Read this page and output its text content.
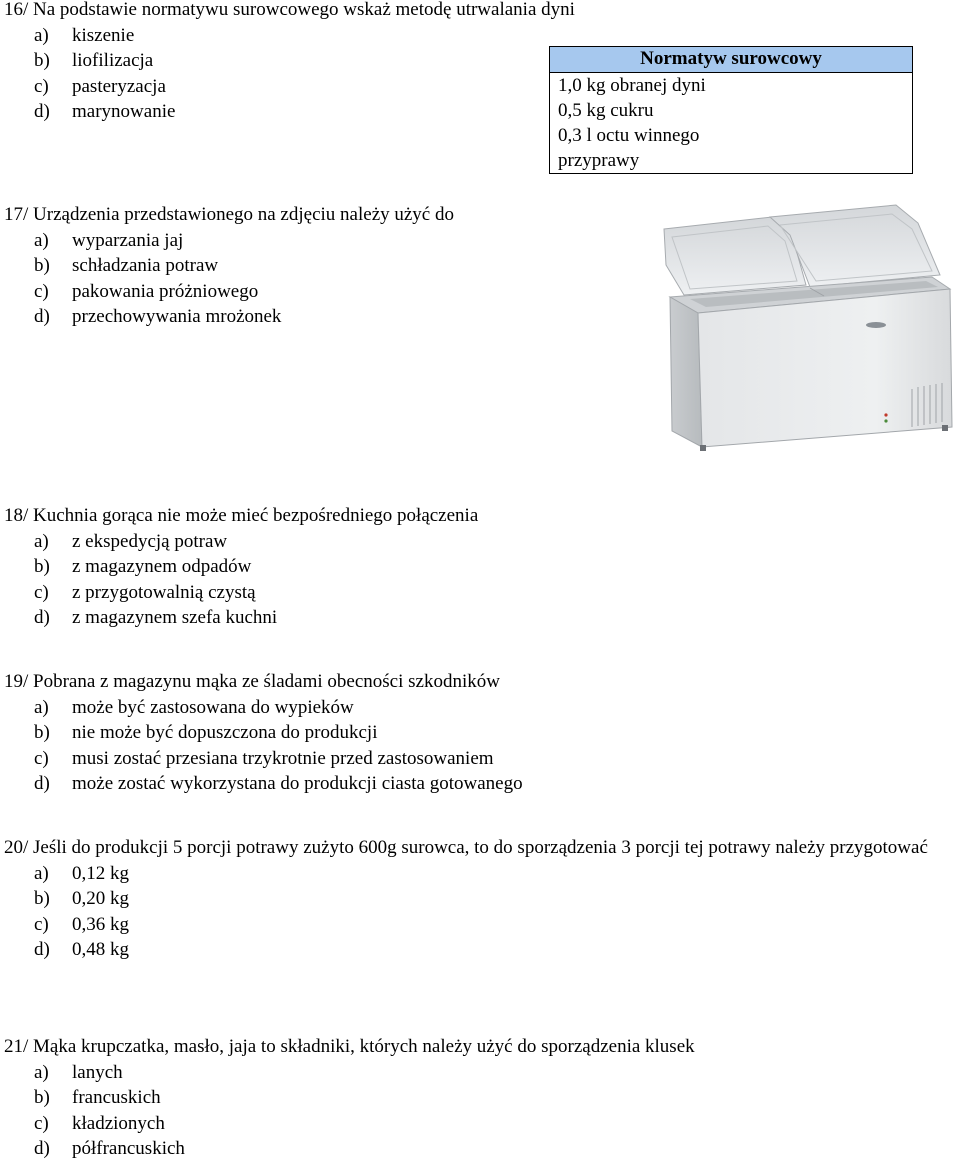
16/ Na podstawie normatywu surowcowego wskaż metodę utrwalania dyni
a)	kiszenie
b)	liofilizacja
c)	pasteryzacja
d)	marynowanie
Normatyw surowcowy
1,0 kg obranej dyni
0,5 kg cukru
0,3 l octu winnego
przyprawy
17/ Urządzenia przedstawionego na zdjęciu należy użyć do
a)	wyparzania jaj
b)	schładzania potraw
c)	pakowania próżniowego
d)	przechowywania mrożonek
18/ Kuchnia gorąca nie może mieć bezpośredniego połączenia
a)	z ekspedycją potraw
b)	z magazynem odpadów
c)	z przygotowalnią czystą
d)	z magazynem szefa kuchni
19/ Pobrana z magazynu mąka ze śladami obecności szkodników
a)	może być zastosowana do wypieków
b)	nie może być dopuszczona do produkcji
c)	musi zostać przesiana trzykrotnie przed zastosowaniem
d)	może zostać wykorzystana do produkcji ciasta gotowanego
20/ Jeśli do produkcji 5 porcji potrawy zużyto 600g surowca, to do sporządzenia 3 porcji tej potrawy należy przygotować
a)	0,12 kg
b)	0,20 kg
c)	0,36 kg
d)	0,48 kg
21/ Mąka krupczatka, masło, jaja to składniki, których należy użyć do sporządzenia klusek
a)	lanych
b)	francuskich
c)	kładzionych
d)	półfrancuskich
